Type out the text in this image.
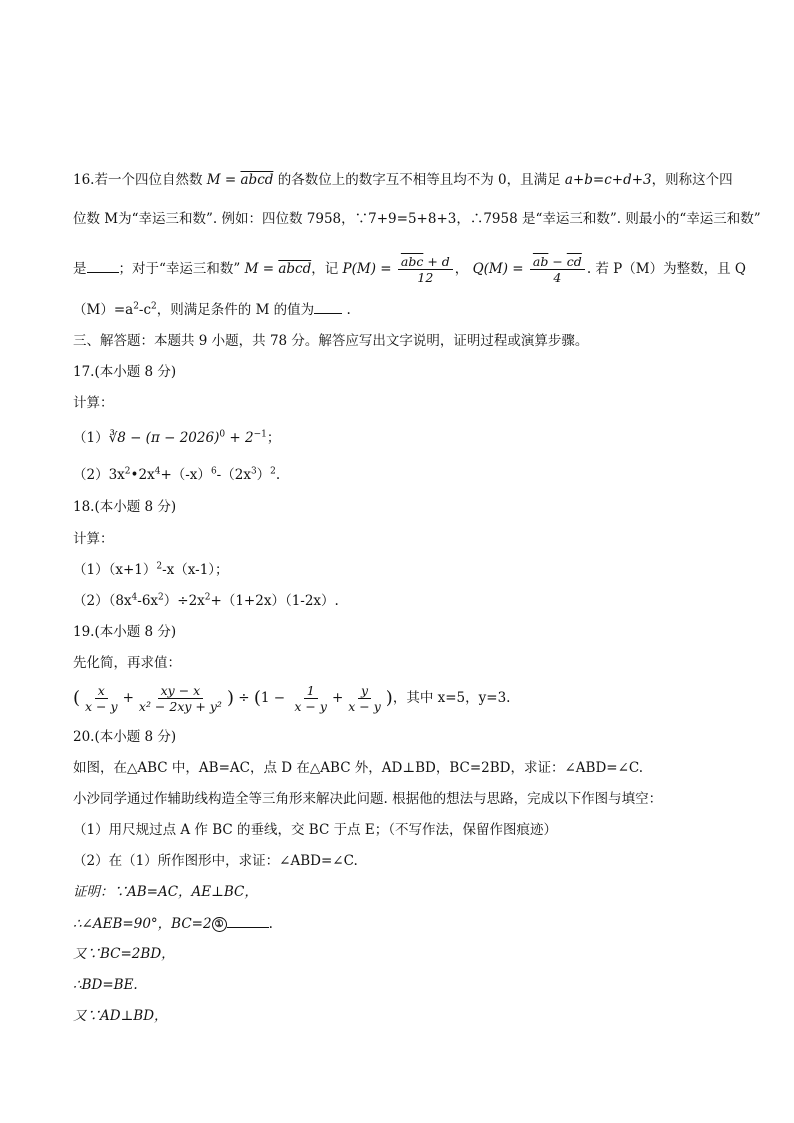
16.若一个四位自然数 M = abcd 的各数位上的数字互不相等且均不为 0，且满足 a+b=c+d+3，则称这个四
位数 M为“幸运三和数”. 例如：四位数 7958，∵7+9=5+8+3，∴7958 是“幸运三和数”. 则最小的“幸运三和数”
是 ；对于“幸运三和数” M = abcd，记 $P(M) = \frac{\overline{abc} + d}{12}$ ， $Q(M) = \frac{\overline{ab} - \overline{cd}}{4}$ . 若 P（M）为整数，且 Q
$(M)=a^2-c^2$，则满足条件的 M 的值为 .
三、解答题：本题共 9 小题，共 78 分。解答应写出文字说明，证明过程或演算步骤。
17.(本小题 8 分)
计算：
（1）∛8 − $(\pi - 2026)^0 + 2^{-1}$；
$(2)3x^2•2x^4+(-x)^6-(2x^3)^2$.
18.(本小题 8 分)
计算：
$(1)(x+1)^2-x(x-1)$；
$(2)(8x^4-6x^2)\div 2x^2+(1+2x)(1-2x)$.
19.(本小题 8 分)
先化简，再求值：
( $\frac{x}{x - y} + \frac{xy - x}{\text{x² − 2xy + y²}}$ ) ÷ ($1 - \frac{1}{x - y} + \frac{y}{x - y}$ )，其中 x=5，y=3.
20.(本小题 8 分)
如图，在△ABC 中，AB=AC，点 D 在△ABC 外，AD⊥BD，BC=2BD，求证：∠ABD=∠C.
小沙同学通过作辅助线构造全等三角形来解决此问题. 根据他的想法与思路，完成以下作图与填空：
（1）用尺规过点 A 作 BC 的垂线，交 BC 于点 E；（不写作法，保留作图痕迹）
（2）在（1）所作图形中，求证：∠ABD=∠C.
证明：∵AB=AC，AE⊥BC，
∴∠AEB=90°，BC=2 ①	.
又∵BC=2BD，
∴BD=BE.
又∵AD⊥BD，
